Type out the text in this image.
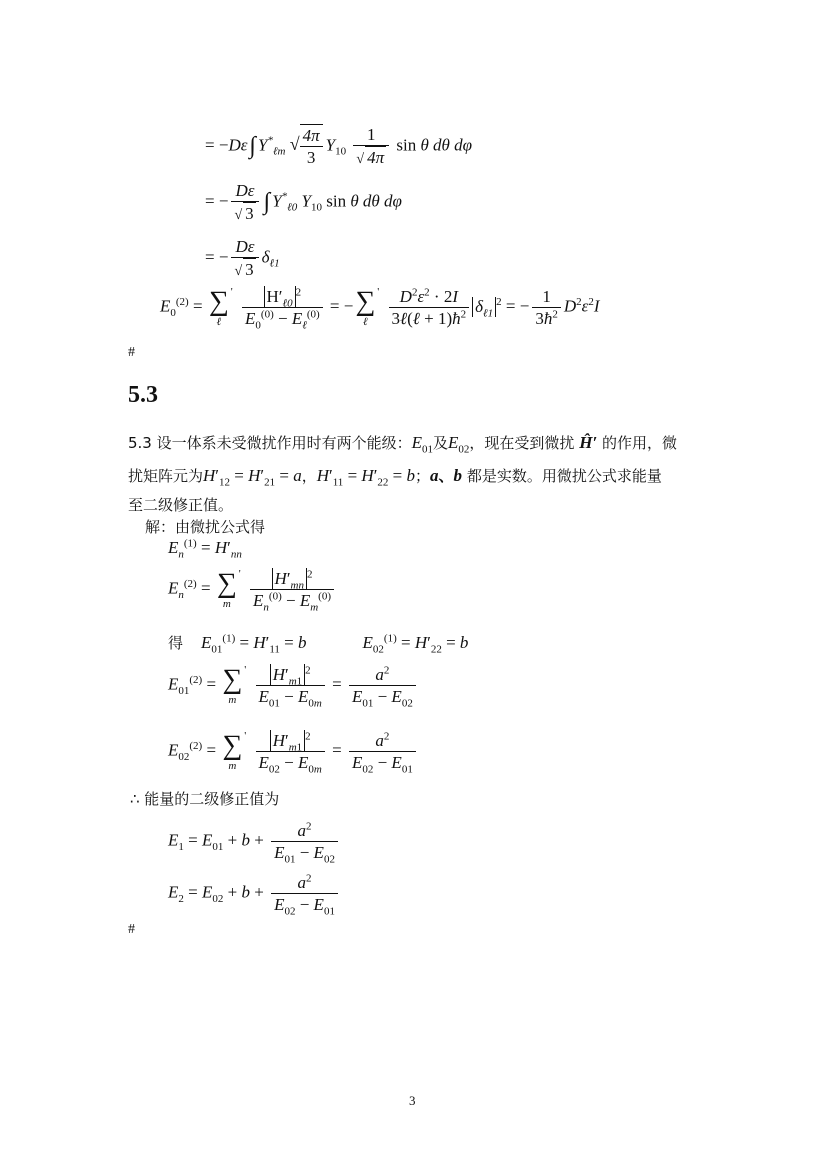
= −Dε∫ $Y^*_{\ell m}$ √ $\frac{4\pi}{3} Y_{10} \frac{1}{√ 4\pi}$ sin θ dθ dφ
= − $\frac{D\varepsilon}{√ 3}$ ∫ $Y^*_{\ell 0}$ $Y_{10}$ sin θ dθ dφ
= − $\frac{D\varepsilon}{√ 3} \delta_{\ell 1}$
$E_0^{(2)}$ = ∑
ℓ
' $\frac{H'_{\ell 0}^2}{E_0^{(0)} - E_\ell^{(0)}}$ = − ∑
ℓ
' $\frac{D^2\varepsilon^2 \cdot 2I}{3\ell(\ell + 1)ħ^2} \delta_{\ell 1}^2$ = − $\frac{1}{3ħ^2} D^2\varepsilon^2I$
#
5.3
5.3 设一体系未受微扰作用时有两个能级：$E_{01}$及$E_{02}$，现在受到微扰 Ĥ′ 的作用，微
扰矩阵元为$H'_{12} = H'_{21} = a$，$H'_{11} = H'_{22} = b$；a、b 都是实数。用微扰公式求能量
至二级修正值。
解：由微扰公式得
$E_n^{(1)} = H'_{nn}$
$E_n^{(2)}$ = ∑
m
' $\frac{H'_{mn}^2}{E_n^{(0)} - E_m^{(0)}}$
得 $E_{01}^{(1)} = H'_{11} = b$	$E_{02}^{(1)} = H'_{22} = b$
$E_{01}^{(2)}$ = ∑
m
' $\frac{H'_{m1}^2}{E_{01} - E_{0m}} = \frac{a^2}{E_{01} - E_{02}}$
$E_{02}^{(2)}$ = ∑
m
' $\frac{H'_{m1}^2}{E_{02} - E_{0m}} = \frac{a^2}{E_{02} - E_{01}}$
∴ 能量的二级修正值为
$E_1 = E_{01} + b + \frac{a^2}{E_{01} - E_{02}}$
$E_2 = E_{02} + b + \frac{a^2}{E_{02} - E_{01}}$
#
3
